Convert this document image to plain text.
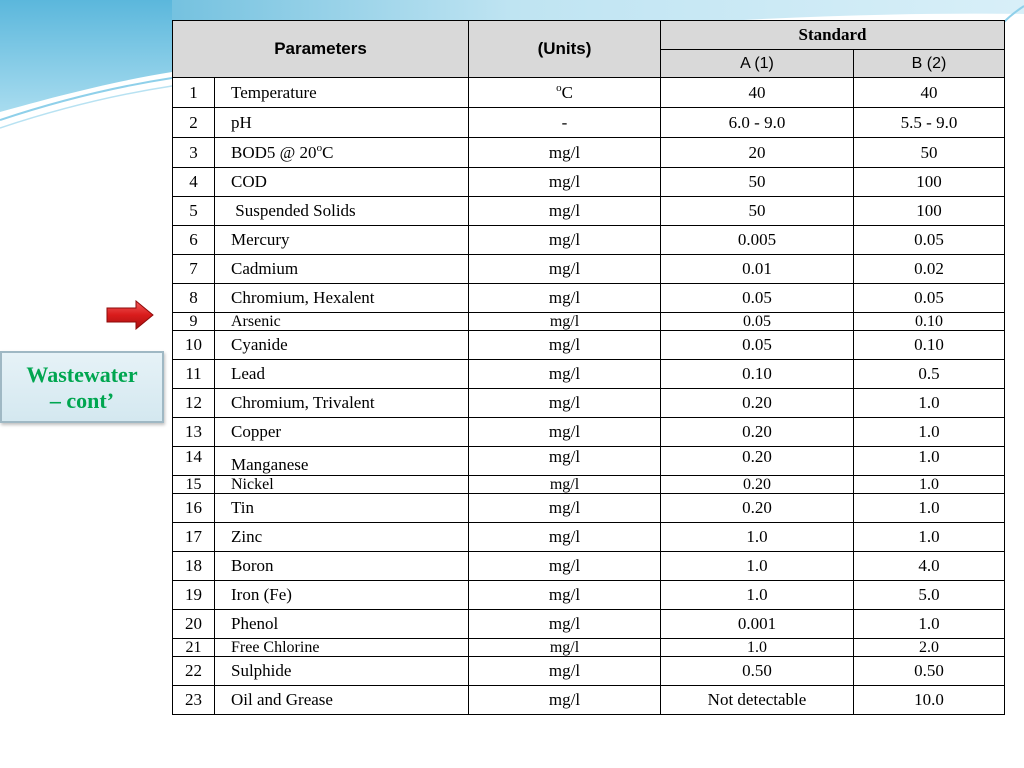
Wastewater
– cont’
Parameters		(Units)	Standard	
			A (1)	B (2)
1	Temperature	$^o$C	40	40
2	pH	-	6.0 - 9.0	5.5 - 9.0
3	BOD5 @ 20$^o$C	mg/l	20	50
4	COD	mg/l	50	100
5	Suspended Solids	mg/l	50	100
6	Mercury	mg/l	0.005	0.05
7	Cadmium	mg/l	0.01	0.02
8	Chromium, Hexalent	mg/l	0.05	0.05
9	Arsenic	mg/l	0.05	0.10
10	Cyanide	mg/l	0.05	0.10
11	Lead	mg/l	0.10	0.5
12	Chromium, Trivalent	mg/l	0.20	1.0
13	Copper	mg/l	0.20	1.0
14	Manganese	mg/l	0.20	1.0
15	Nickel	mg/l	0.20	1.0
16	Tin	mg/l	0.20	1.0
17	Zinc	mg/l	1.0	1.0
18	Boron	mg/l	1.0	4.0
19	Iron (Fe)	mg/l	1.0	5.0
20	Phenol	mg/l	0.001	1.0
21	Free Chlorine	mg/l	1.0	2.0
22	Sulphide	mg/l	0.50	0.50
23	Oil and Grease	mg/l	Not detectable	10.0
